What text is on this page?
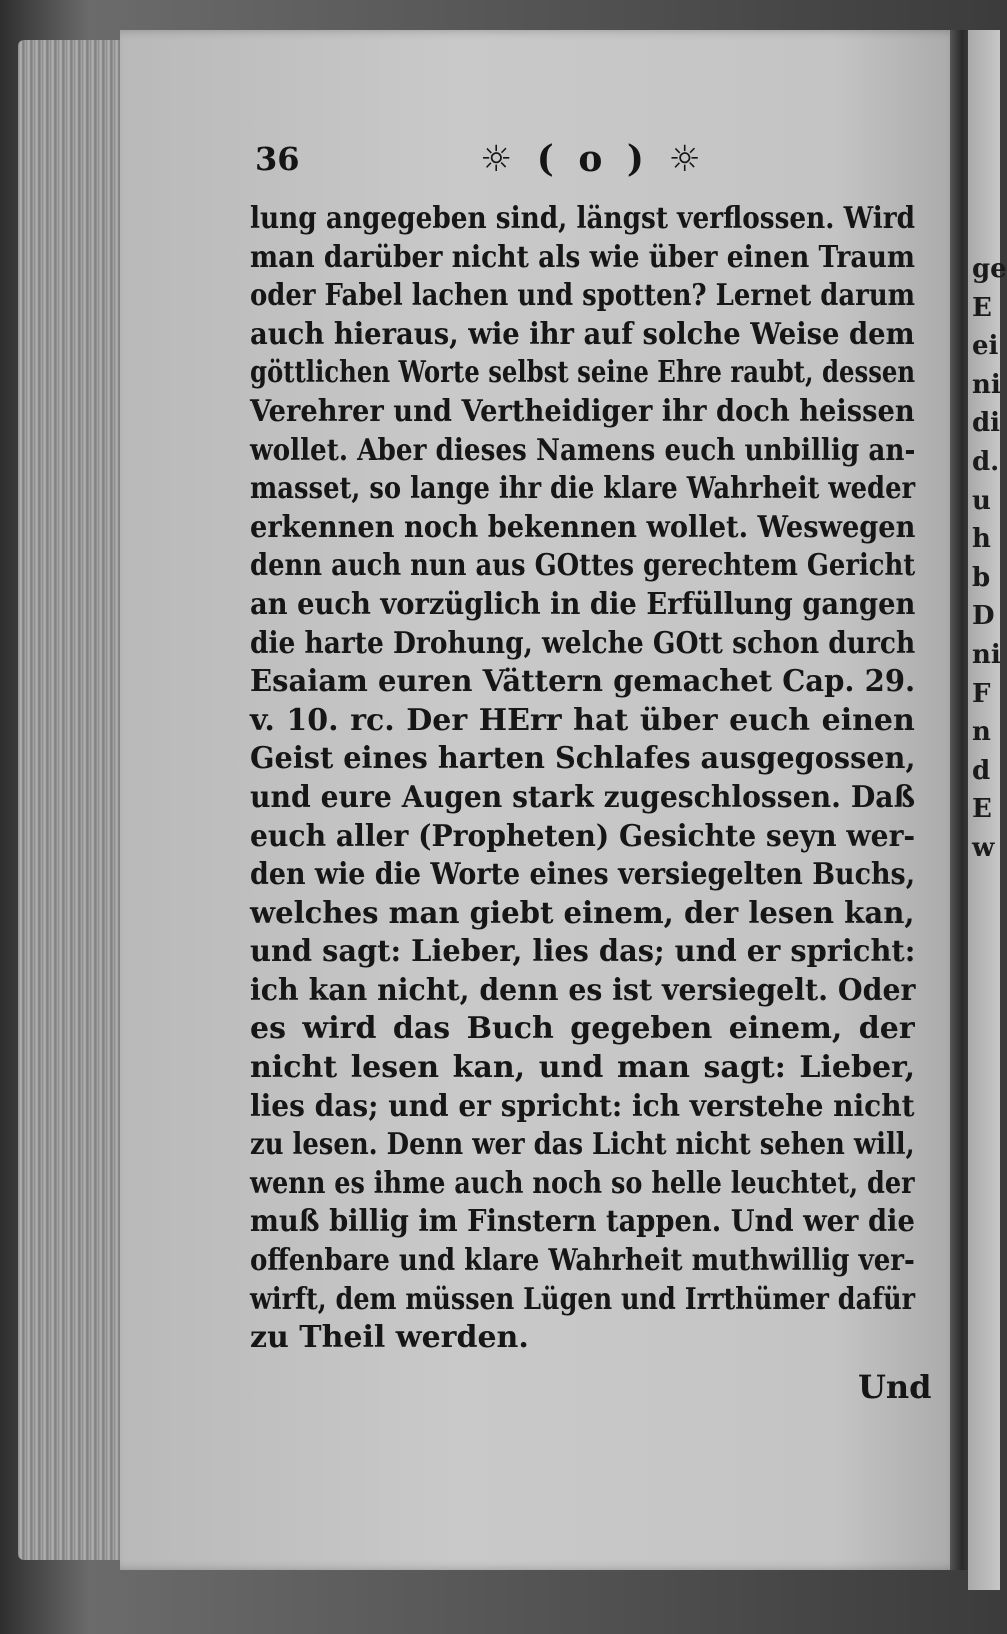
ge
E
ei
ni
di
d.
u
h
b
D
ni
F
n
d
E
w
36	☼ ( o ) ☼
lung angegeben sind, längst verflossen. Wird
man darüber nicht als wie über einen Traum
oder Fabel lachen und spotten? Lernet darum
auch hieraus, wie ihr auf solche Weise dem
göttlichen Worte selbst seine Ehre raubt, dessen
Verehrer und Vertheidiger ihr doch heissen
wollet. Aber dieses Namens euch unbillig an-
masset, so lange ihr die klare Wahrheit weder
erkennen noch bekennen wollet. Weswegen
denn auch nun aus GOttes gerechtem Gericht
an euch vorzüglich in die Erfüllung gangen
die harte Drohung, welche GOtt schon durch
Esaiam euren Vättern gemachet Cap. 29.
v. 10. rc. Der HErr hat über euch einen
Geist eines harten Schlafes ausgegossen,
und eure Augen stark zugeschlossen. Daß
euch aller (Propheten) Gesichte seyn wer-
den wie die Worte eines versiegelten Buchs,
welches man giebt einem, der lesen kan,
und sagt: Lieber, lies das; und er spricht:
ich kan nicht, denn es ist versiegelt. Oder
es wird das Buch gegeben einem, der
nicht lesen kan, und man sagt: Lieber,
lies das; und er spricht: ich verstehe nicht
zu lesen. Denn wer das Licht nicht sehen will,
wenn es ihme auch noch so helle leuchtet, der
muß billig im Finstern tappen. Und wer die
offenbare und klare Wahrheit muthwillig ver-
wirft, dem müssen Lügen und Irrthümer dafür
zu Theil werden.
Und
